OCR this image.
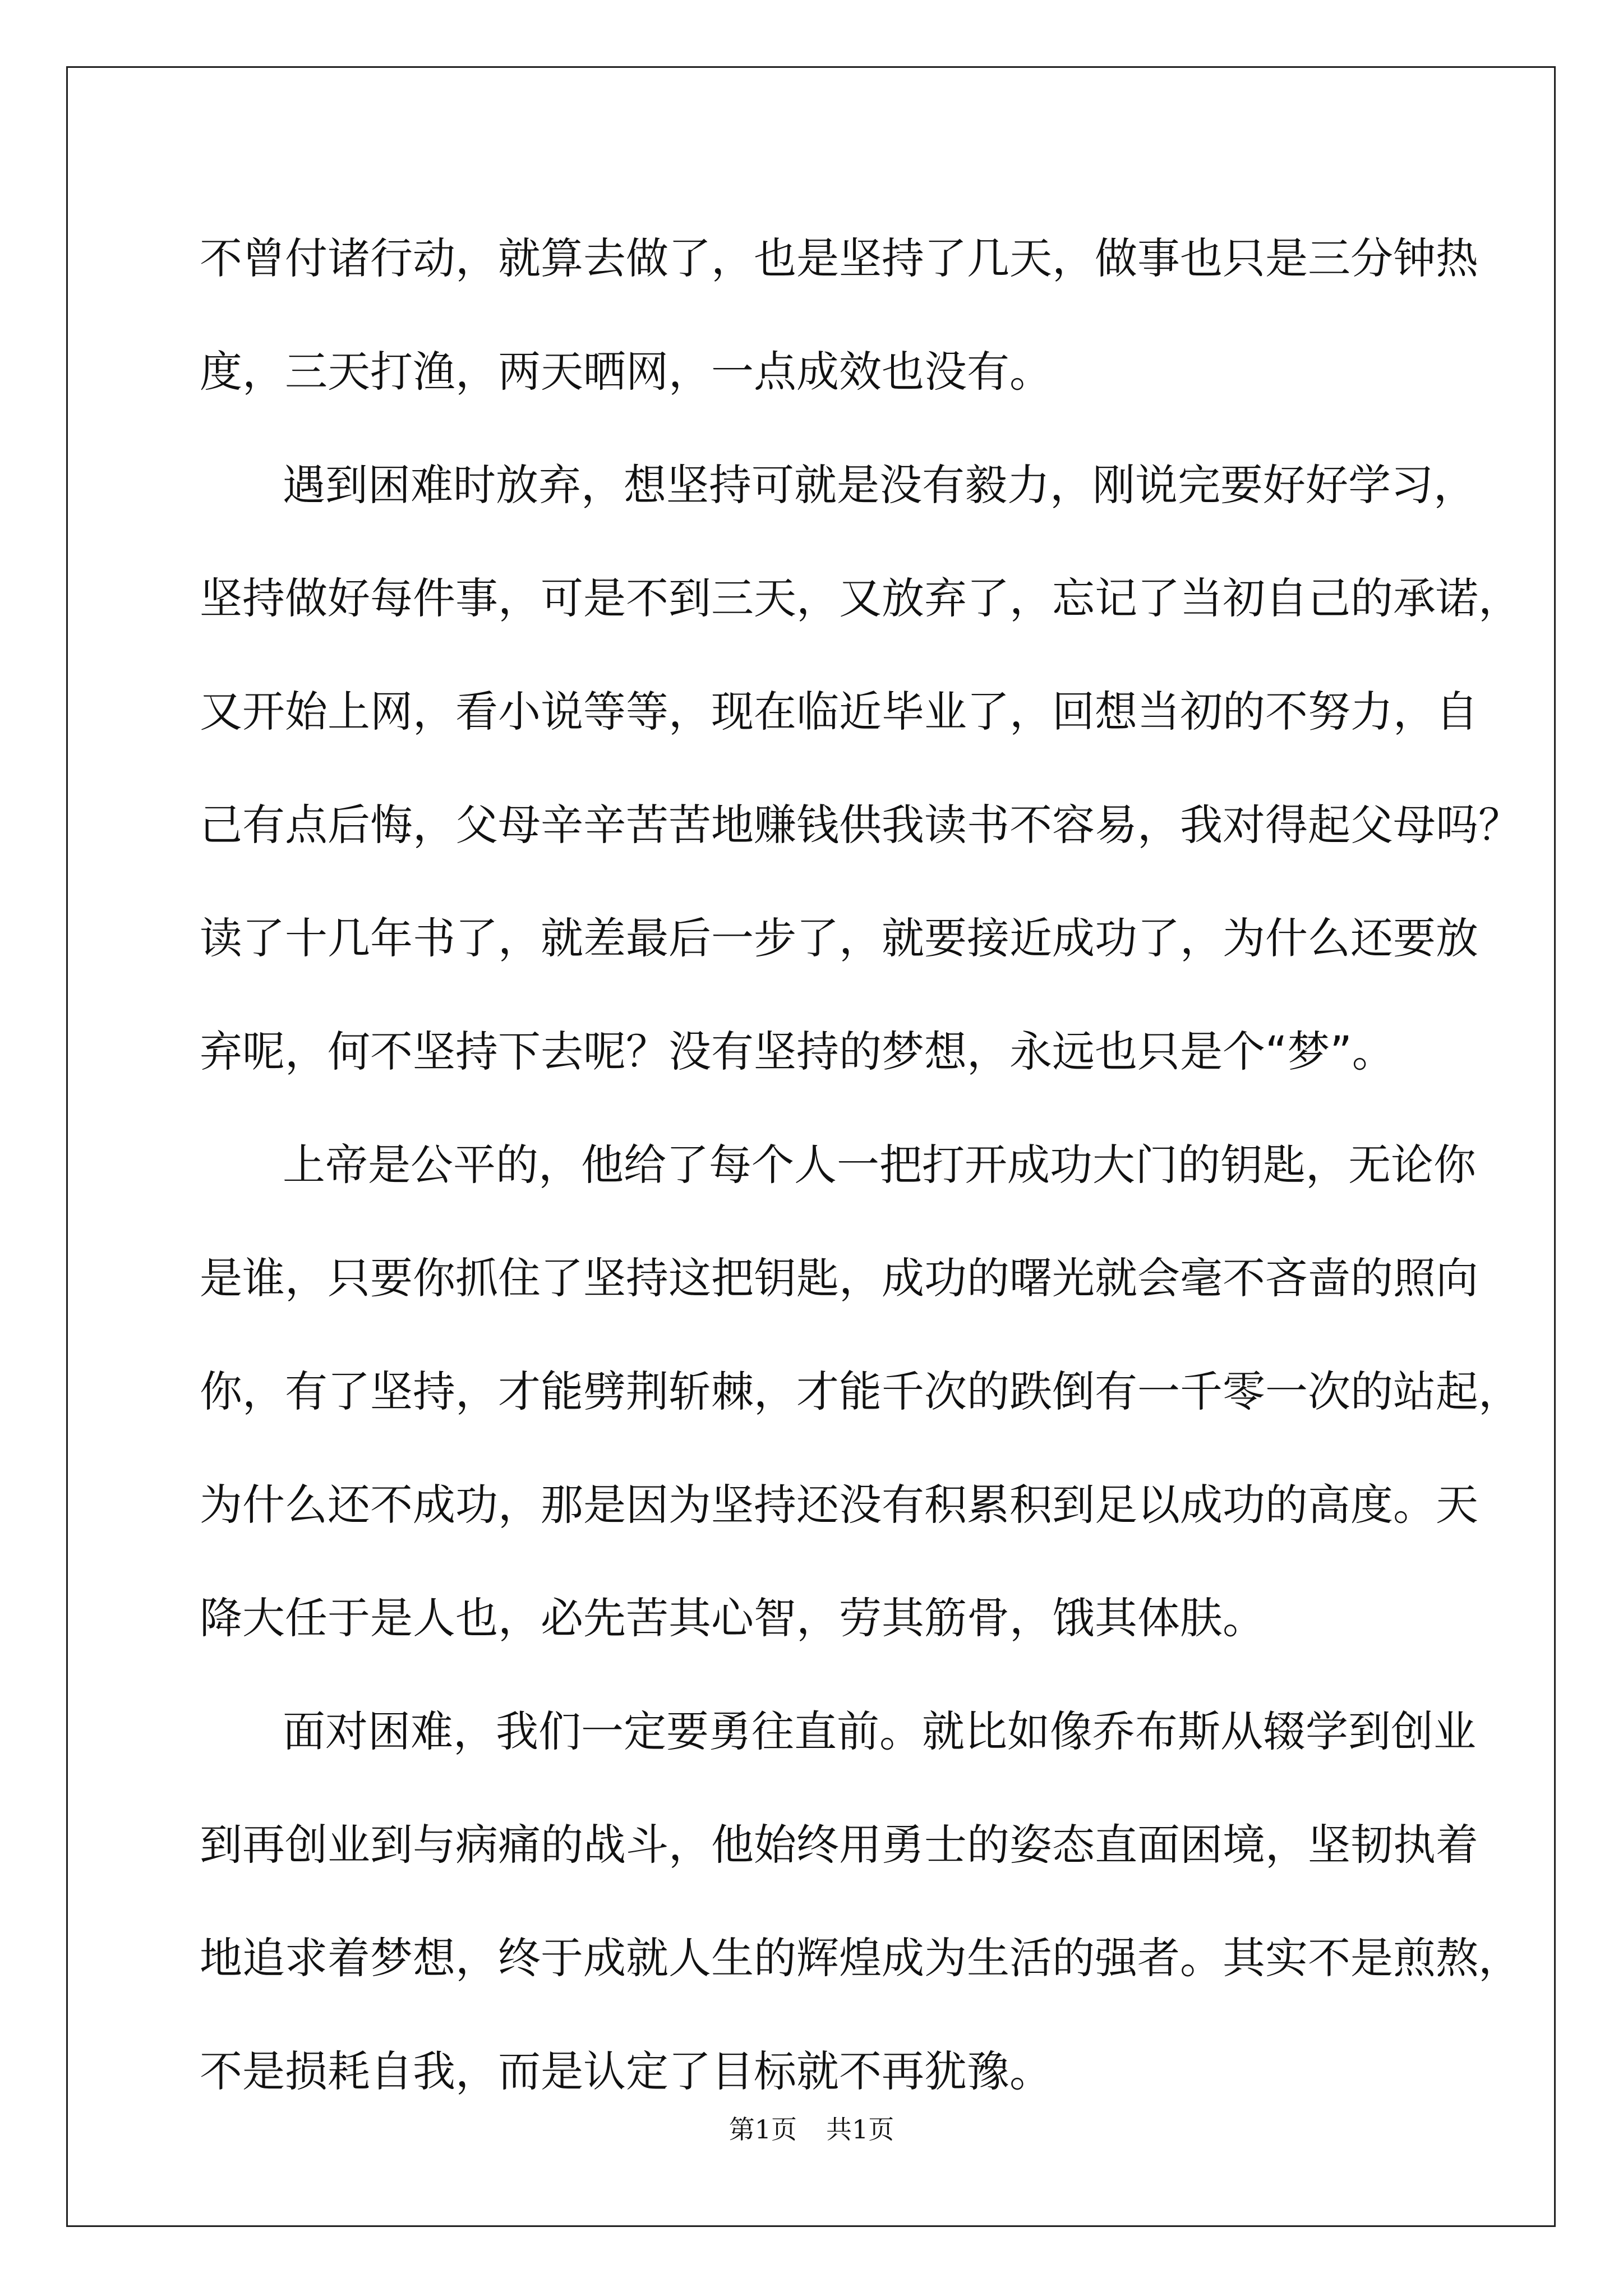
不曾付诸行动，就算去做了，也是坚持了几天，做事也只是三分钟热
度，三天打渔，两天晒网，一点成效也没有。
遇到困难时放弃，想坚持可就是没有毅力，刚说完要好好学习，
坚持做好每件事，可是不到三天，又放弃了，忘记了当初自己的承诺，
又开始上网，看小说等等，现在临近毕业了，回想当初的不努力，自
己有点后悔，父母辛辛苦苦地赚钱供我读书不容易，我对得起父母吗？
读了十几年书了，就差最后一步了，就要接近成功了，为什么还要放
弃呢，何不坚持下去呢？没有坚持的梦想，永远也只是个“梦”。
上帝是公平的，他给了每个人一把打开成功大门的钥匙，无论你
是谁，只要你抓住了坚持这把钥匙，成功的曙光就会毫不吝啬的照向
你，有了坚持，才能劈荆斩棘，才能千次的跌倒有一千零一次的站起，
为什么还不成功，那是因为坚持还没有积累积到足以成功的高度。天
降大任于是人也，必先苦其心智，劳其筋骨，饿其体肤。
面对困难，我们一定要勇往直前。就比如像乔布斯从辍学到创业
到再创业到与病痛的战斗，他始终用勇士的姿态直面困境，坚韧执着
地追求着梦想，终于成就人生的辉煌成为生活的强者。其实不是煎熬，
不是损耗自我，而是认定了目标就不再犹豫。
第1页 共1页
